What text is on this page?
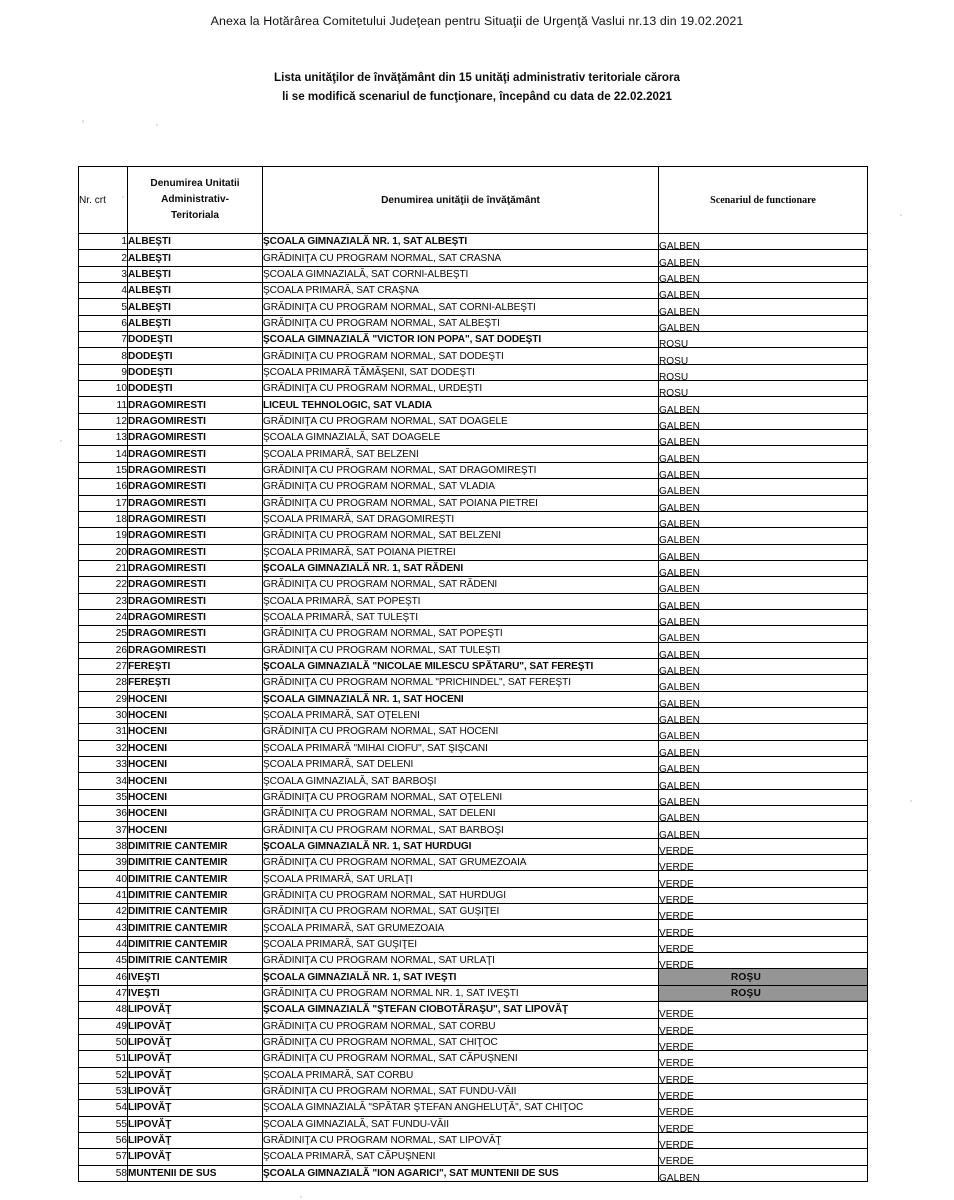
Anexa la Hotărârea Comitetului Judeţean pentru Situaţii de Urgenţă Vaslui nr.13 din 19.02.2021
Lista unităţilor de învăţământ din 15 unităţi administrativ teritoriale cărora
li se modifică scenariul de funcţionare, începând cu data de 22.02.2021
Nr. crt	Denumirea Unitatii
Administrativ-
Teritoriala	Denumirea unităţii de învăţământ	Scenariul de functionare
1	ALBEŞTI	ŞCOALA GIMNAZIALĂ NR. 1, SAT ALBEŞTI	GALBEN

2	ALBEŞTI	GRĂDINIŢA CU PROGRAM NORMAL, SAT CRASNA	GALBEN

3	ALBEŞTI	ŞCOALA GIMNAZIALĂ, SAT CORNI-ALBEŞTI	GALBEN

4	ALBEŞTI	ŞCOALA PRIMARĂ, SAT CRAŞNA	GALBEN

5	ALBEŞTI	GRĂDINIŢA CU PROGRAM NORMAL, SAT CORNI-ALBEŞTI	GALBEN

6	ALBEŞTI	GRĂDINIŢA CU PROGRAM NORMAL, SAT ALBEŞTI	GALBEN

7	DODEŞTI	ŞCOALA GIMNAZIALĂ "VICTOR ION POPA", SAT DODEŞTI	ROSU

8	DODEŞTI	GRĂDINIŢA CU PROGRAM NORMAL, SAT DODEŞTI	ROSU

9	DODEŞTI	ŞCOALA PRIMARĂ TĂMĂŞENI, SAT DODEŞTI	ROSU

10	DODEŞTI	GRĂDINIŢA CU PROGRAM NORMAL, URDEŞTI	ROSU

11	DRAGOMIRESTI	LICEUL TEHNOLOGIC, SAT VLADIA	GALBEN

12	DRAGOMIRESTI	GRĂDINIŢA CU PROGRAM NORMAL, SAT DOAGELE	GALBEN

13	DRAGOMIRESTI	ŞCOALA GIMNAZIALĂ, SAT DOAGELE	GALBEN

14	DRAGOMIRESTI	ŞCOALA PRIMARĂ, SAT BELZENI	GALBEN

15	DRAGOMIRESTI	GRĂDINIŢA CU PROGRAM NORMAL, SAT DRAGOMIREŞTI	GALBEN

16	DRAGOMIRESTI	GRĂDINIŢA CU PROGRAM NORMAL, SAT VLADIA	GALBEN

17	DRAGOMIRESTI	GRĂDINIŢA CU PROGRAM NORMAL, SAT POIANA PIETREI	GALBEN

18	DRAGOMIRESTI	ŞCOALA PRIMARĂ, SAT DRAGOMIREŞTI	GALBEN

19	DRAGOMIRESTI	GRĂDINIŢA CU PROGRAM NORMAL, SAT BELZENI	GALBEN

20	DRAGOMIRESTI	ŞCOALA PRIMARĂ, SAT POIANA PIETREI	GALBEN

21	DRAGOMIRESTI	ŞCOALA GIMNAZIALĂ NR. 1, SAT RĂDENI	GALBEN

22	DRAGOMIRESTI	GRĂDINIŢA CU PROGRAM NORMAL, SAT RĂDENI	GALBEN

23	DRAGOMIRESTI	ŞCOALA PRIMARĂ, SAT POPEŞTI	GALBEN

24	DRAGOMIRESTI	ŞCOALA PRIMARĂ, SAT TULEŞTI	GALBEN

25	DRAGOMIRESTI	GRĂDINIŢA CU PROGRAM NORMAL, SAT POPEŞTI	GALBEN

26	DRAGOMIRESTI	GRĂDINIŢA CU PROGRAM NORMAL, SAT TULEŞTI	GALBEN

27	FEREŞTI	ŞCOALA GIMNAZIALĂ "NICOLAE MILESCU SPĂTARU", SAT FEREŞTI	GALBEN

28	FEREŞTI	GRĂDINIŢA CU PROGRAM NORMAL "PRICHINDEL", SAT FEREŞTI	GALBEN

29	HOCENI	ŞCOALA GIMNAZIALĂ NR. 1, SAT HOCENI	GALBEN

30	HOCENI	ŞCOALA PRIMARĂ, SAT OŢELENI	GALBEN

31	HOCENI	GRĂDINIŢA CU PROGRAM NORMAL, SAT HOCENI	GALBEN

32	HOCENI	ŞCOALA PRIMARĂ "MIHAI CIOFU", SAT ŞIŞCANI	GALBEN

33	HOCENI	ŞCOALA PRIMARĂ, SAT DELENI	GALBEN

34	HOCENI	ŞCOALA GIMNAZIALĂ, SAT BARBOŞI	GALBEN

35	HOCENI	GRĂDINIŢA CU PROGRAM NORMAL, SAT OŢELENI	GALBEN

36	HOCENI	GRĂDINIŢA CU PROGRAM NORMAL, SAT DELENI	GALBEN

37	HOCENI	GRĂDINIŢA CU PROGRAM NORMAL, SAT BARBOŞI	GALBEN

38	DIMITRIE CANTEMIR	ŞCOALA GIMNAZIALĂ NR. 1, SAT HURDUGI	VERDE

39	DIMITRIE CANTEMIR	GRĂDINIŢA CU PROGRAM NORMAL, SAT GRUMEZOAIA	VERDE

40	DIMITRIE CANTEMIR	ŞCOALA PRIMARĂ, SAT URLAŢI	VERDE

41	DIMITRIE CANTEMIR	GRĂDINIŢA CU PROGRAM NORMAL, SAT HURDUGI	VERDE

42	DIMITRIE CANTEMIR	GRĂDINIŢA CU PROGRAM NORMAL, SAT GUŞIŢEI	VERDE

43	DIMITRIE CANTEMIR	ŞCOALA PRIMARĂ, SAT GRUMEZOAIA	VERDE

44	DIMITRIE CANTEMIR	ŞCOALA PRIMARĂ, SAT GUŞIŢEI	VERDE

45	DIMITRIE CANTEMIR	GRĂDINIŢA CU PROGRAM NORMAL, SAT URLAŢI	VERDE

46	IVEŞTI	ŞCOALA GIMNAZIALĂ NR. 1, SAT IVEŞTI	ROŞU

47	IVEŞTI	GRĂDINIŢA CU PROGRAM NORMAL NR. 1, SAT IVEŞTI	ROŞU

48	LIPOVĂŢ	ŞCOALA GIMNAZIALĂ "ŞTEFAN CIOBOTĂRAŞU", SAT LIPOVĂŢ	VERDE

49	LIPOVĂŢ	GRĂDINIŢA CU PROGRAM NORMAL, SAT CORBU	VERDE

50	LIPOVĂŢ	GRĂDINIŢA CU PROGRAM NORMAL, SAT CHIŢOC	VERDE

51	LIPOVĂŢ	GRĂDINIŢA CU PROGRAM NORMAL, SAT CĂPUŞNENI	VERDE

52	LIPOVĂŢ	ŞCOALA PRIMARĂ, SAT CORBU	VERDE

53	LIPOVĂŢ	GRĂDINIŢA CU PROGRAM NORMAL, SAT FUNDU-VĂII	VERDE

54	LIPOVĂŢ	ŞCOALA GIMNAZIALĂ "SPĂTAR ŞTEFAN ANGHELUŢĂ", SAT CHIŢOC	VERDE

55	LIPOVĂŢ	ŞCOALA GIMNAZIALĂ, SAT FUNDU-VĂII	VERDE

56	LIPOVĂŢ	GRĂDINIŢA CU PROGRAM NORMAL, SAT LIPOVĂŢ	VERDE

57	LIPOVĂŢ	ŞCOALA PRIMARĂ, SAT CĂPUŞNENI	VERDE

58	MUNTENII DE SUS	ŞCOALA GIMNAZIALĂ "ION AGARICI", SAT MUNTENII DE SUS	GALBEN
